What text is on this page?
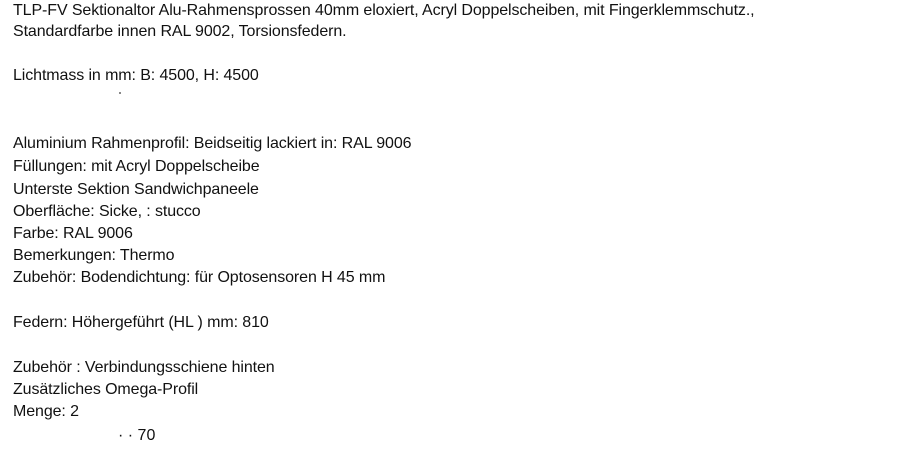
TLP-FV Sektionaltor Alu-Rahmensprossen 40mm eloxiert, Acryl Doppelscheiben, mit Fingerklemmschutz.,
Standardfarbe innen RAL 9002, Torsionsfedern.
Lichtmass in mm: B: 4500, H: 4500
Aluminium Rahmenprofil: Beidseitig lackiert in: RAL 9006
Füllungen: mit Acryl Doppelscheibe
Unterste Sektion Sandwichpaneele
Oberfläche: Sicke, : stucco
Farbe: RAL 9006
Bemerkungen: Thermo
Zubehör: Bodendichtung: für Optosensoren H 45 mm
Federn: Höhergeführt (HL ) mm: 810
Zubehör : Verbindungsschiene hinten
Zusätzliches Omega-Profil
Menge: 2
· · 70
